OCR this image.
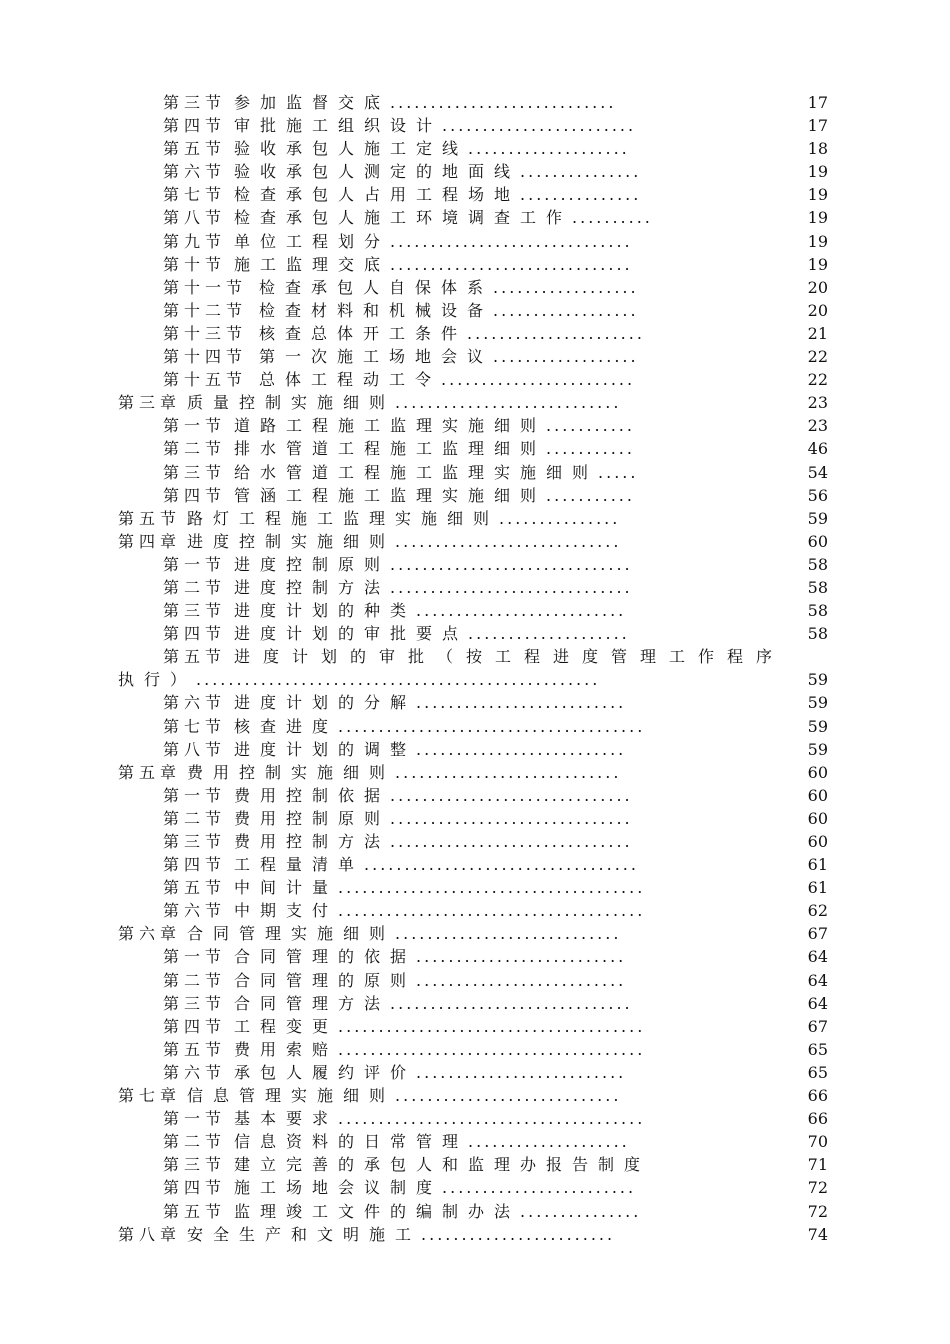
第三节 参加监督交底............................	17
第四节 审批施工组织设计........................	17
第五节 验收承包人施工定线....................	18
第六节 验收承包人测定的地面线...............	19
第七节 检查承包人占用工程场地...............	19
第八节 检查承包人施工环境调查工作..........	19
第九节 单位工程划分..............................	19
第十节 施工监理交底..............................	19
第十一节 检查承包人自保体系..................	20
第十二节 检查材料和机械设备..................	20
第十三节 核查总体开工条件......................	21
第十四节 第一次施工场地会议..................	22
第十五节 总体工程动工令........................	22
第三章 质量控制实施细则............................	23
第一节 道路工程施工监理实施细则...........	23
第二节 排水管道工程施工监理细则...........	46
第三节 给水管道工程施工监理实施细则.....	54
第四节 管涵工程施工监理实施细则...........	56
第五节 路灯工程施工监理实施细则...............	59
第四章 进度控制实施细则............................	60
第一节 进度控制原则..............................	58
第二节 进度控制方法..............................	58
第三节 进度计划的种类..........................	58
第四节 进度计划的审批要点....................	58
第五节 进度计划的审批（按工程进度管理工作程序
执行）..................................................	59
第六节 进度计划的分解..........................	59
第七节 核查进度......................................	59
第八节 进度计划的调整..........................	59
第五章 费用控制实施细则............................	60
第一节 费用控制依据..............................	60
第二节 费用控制原则..............................	60
第三节 费用控制方法..............................	60
第四节 工程量清单..................................	61
第五节 中间计量......................................	61
第六节 中期支付......................................	62
第六章 合同管理实施细则............................	67
第一节 合同管理的依据..........................	64
第二节 合同管理的原则..........................	64
第三节 合同管理方法..............................	64
第四节 工程变更......................................	67
第五节 费用索赔......................................	65
第六节 承包人履约评价..........................	65
第七章 信息管理实施细则............................	66
第一节 基本要求......................................	66
第二节 信息资料的日常管理....................	70
第三节 建立完善的承包人和监理办报告制度	71
第四节 施工场地会议制度........................	72
第五节 监理竣工文件的编制办法...............	72
第八章 安全生产和文明施工........................	74
